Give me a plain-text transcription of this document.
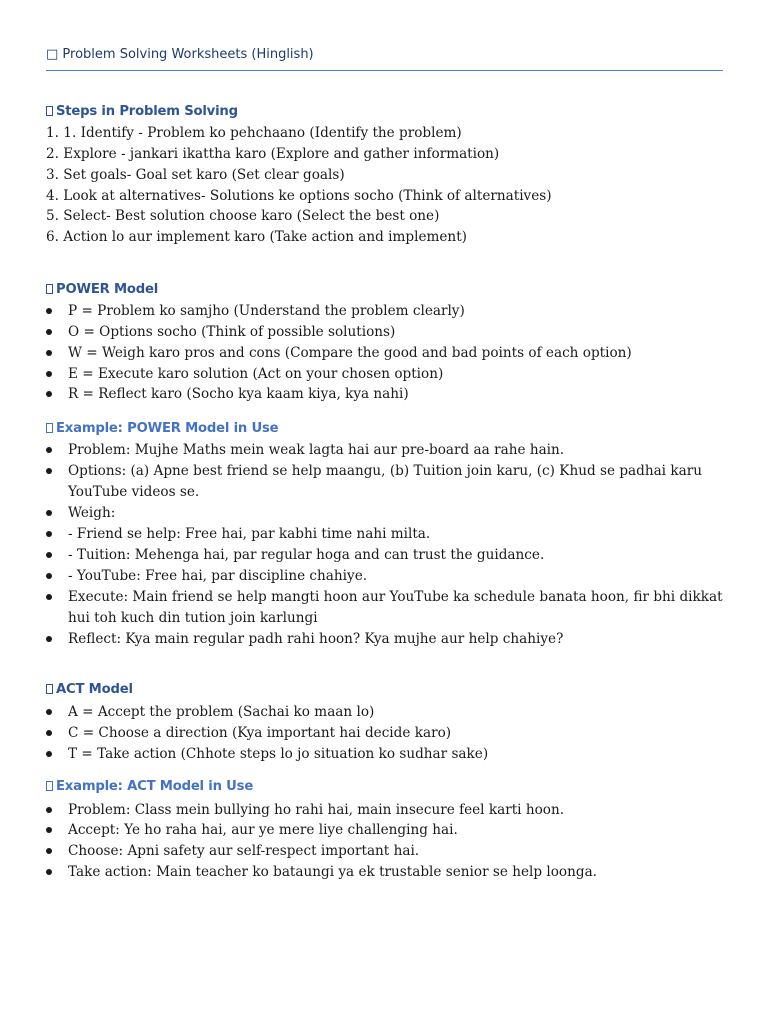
□ Problem Solving Worksheets (Hinglish)
Steps in Problem Solving
1. 1. Identify - Problem ko pehchaano (Identify the problem)
2. Explore - jankari ikattha karo (Explore and gather information)
3. Set goals- Goal set karo (Set clear goals)
4. Look at alternatives- Solutions ke options socho (Think of alternatives)
5. Select- Best solution choose karo (Select the best one)
6. Action lo aur implement karo (Take action and implement)
POWER Model
P = Problem ko samjho (Understand the problem clearly)
O = Options socho (Think of possible solutions)
W = Weigh karo pros and cons (Compare the good and bad points of each option)
E = Execute karo solution (Act on your chosen option)
R = Reflect karo (Socho kya kaam kiya, kya nahi)
Example: POWER Model in Use
Problem: Mujhe Maths mein weak lagta hai aur pre-board aa rahe hain.
Options: (a) Apne best friend se help maangu, (b) Tuition join karu, (c) Khud se padhai karu YouTube videos se.
Weigh:
- Friend se help: Free hai, par kabhi time nahi milta.
- Tuition: Mehenga hai, par regular hoga and can trust the guidance.
- YouTube: Free hai, par discipline chahiye.
Execute: Main friend se help mangti hoon aur YouTube ka schedule banata hoon, fir bhi dikkat hui toh kuch din tution join karlungi
Reflect: Kya main regular padh rahi hoon? Kya mujhe aur help chahiye?
ACT Model
A = Accept the problem (Sachai ko maan lo)
C = Choose a direction (Kya important hai decide karo)
T = Take action (Chhote steps lo jo situation ko sudhar sake)
Example: ACT Model in Use
Problem: Class mein bullying ho rahi hai, main insecure feel karti hoon.
Accept: Ye ho raha hai, aur ye mere liye challenging hai.
Choose: Apni safety aur self-respect important hai.
Take action: Main teacher ko bataungi ya ek trustable senior se help loonga.
